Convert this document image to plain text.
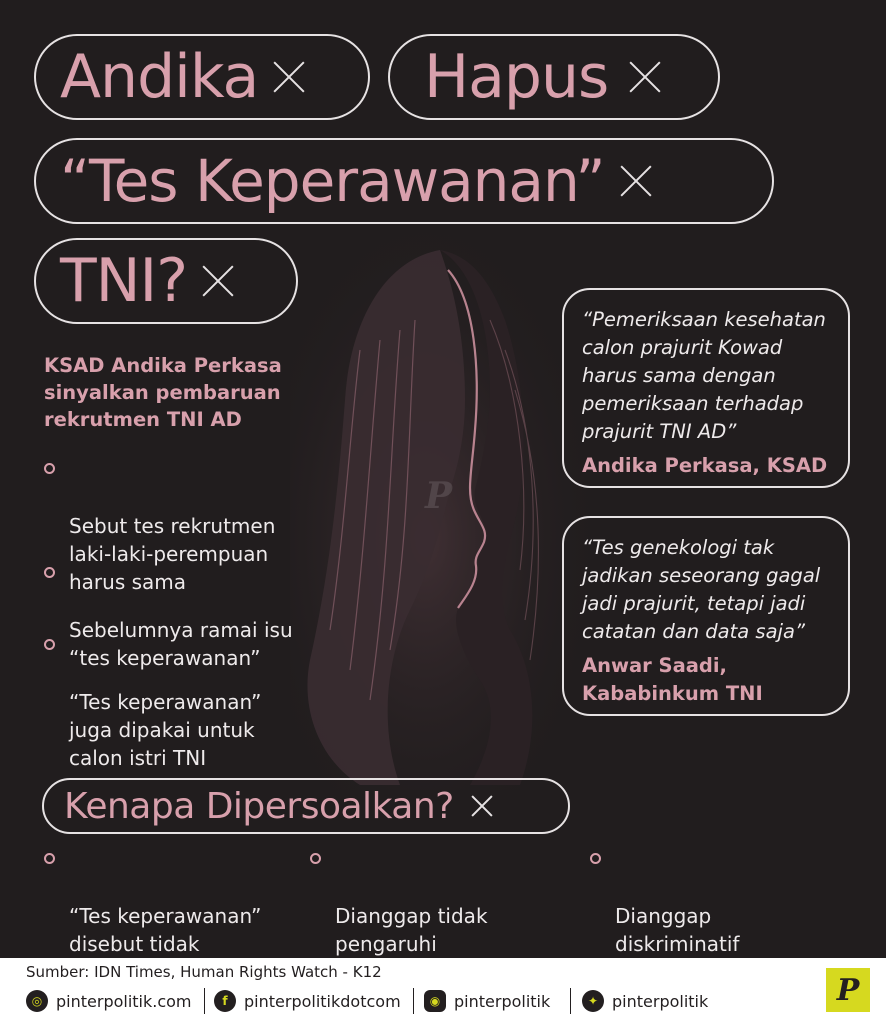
P
Andika	Hapus
“Tes Keperawanan”
TNI?
KSAD Andika Perkasa
sinyalkan pembaruan
rekrutmen TNI AD

Sebut tes rekrutmen
laki-laki-perempuan
harus sama

Sebelumnya ramai isu
“tes keperawanan”

“Tes keperawanan”
juga dipakai untuk
calon istri TNI

“Pemeriksaan kesehatan
calon prajurit Kowad
harus sama dengan
pemeriksaan terhadap
prajurit TNI AD”
Andika Perkasa, KSAD
“Tes genekologi tak
jadikan seseorang gagal
jadi prajurit, tetapi jadi
catatan dan data saja”
Anwar Saadi,
Kababinkum TNI
Kenapa Dipersoalkan?

“Tes keperawanan”
disebut tidak

Dianggap tidak
pengaruhi

Dianggap
diskriminatif

Sumber: IDN Times, Human Rights Watch - K12
◎ pinterpolitik.com	f	pinterpolitikdotcom	◉ pinterpolitik	✦ pinterpolitik	P
